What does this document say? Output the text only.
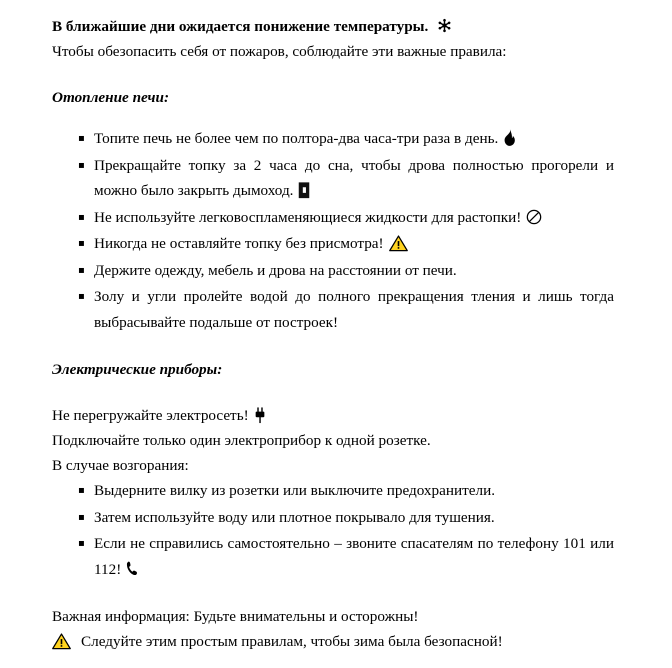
В ближайшие дни ожидается понижение температуры.

Чтобы обезопасить себя от пожаров, соблюдайте эти важные правила:

Отопление печи:

▪ Топите печь не более чем по полтора-два часа-три раза в день.
▪ Прекращайте топку за 2 часа до сна, чтобы дрова полностью прогорели и можно было закрыть дымоход.
▪ Не используйте легковоспламеняющиеся жидкости для растопки!
▪ Никогда не оставляйте топку без присмотра!
▪ Держите одежду, мебель и дрова на расстоянии от печи.
▪ Золу и угли пролейте водой до полного прекращения тления и лишь тогда выбрасывайте подальше от построек!

Электрические приборы:

Не перегружайте электросеть!

Подключайте только один электроприбор к одной розетке.

В случае возгорания:

▪ Выдерните вилку из розетки или выключите предохранители.
▪ Затем используйте воду или плотное покрывало для тушения.
▪ Если не справились самостоятельно – звоните спасателям по телефону 101 или 112!

Важная информация: Будьте внимательны и осторожны!

Следуйте этим простым правилам, чтобы зима была безопасной!
